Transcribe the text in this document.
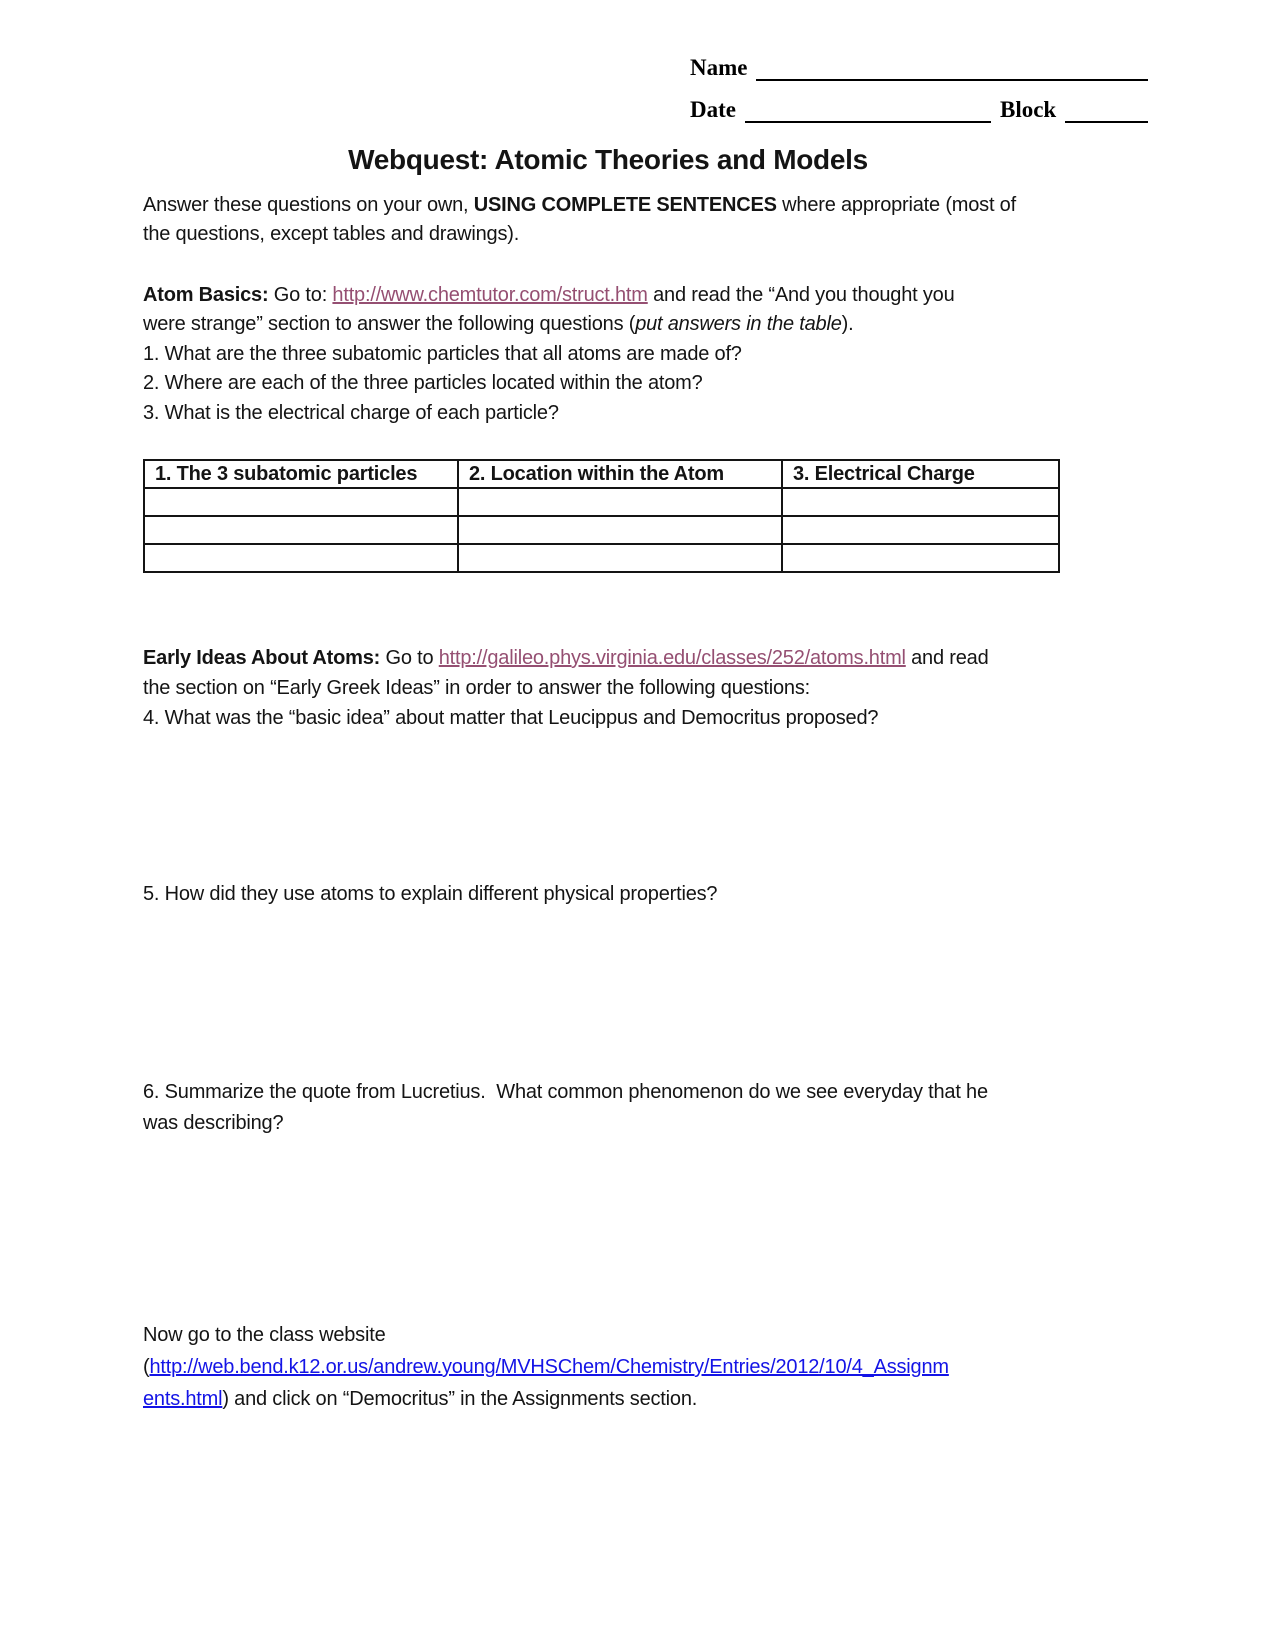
Name
Date	Block
Webquest: Atomic Theories and Models
Answer these questions on your own, USING COMPLETE SENTENCES where appropriate (most of
the questions, except tables and drawings).
Atom Basics: Go to: http://www.chemtutor.com/struct.htm and read the “And you thought you
were strange” section to answer the following questions (put answers in the table).
1. What are the three subatomic particles that all atoms are made of?
2. Where are each of the three particles located within the atom?
3. What is the electrical charge of each particle?
1. The 3 subatomic particles	2. Location within the Atom	3. Electrical Charge

Early Ideas About Atoms: Go to http://galileo.phys.virginia.edu/classes/252/atoms.html and read
the section on “Early Greek Ideas” in order to answer the following questions:
4. What was the “basic idea” about matter that Leucippus and Democritus proposed?
5. How did they use atoms to explain different physical properties?
6. Summarize the quote from Lucretius.  What common phenomenon do we see everyday that he
was describing?
Now go to the class website
(http://web.bend.k12.or.us/andrew.young/MVHSChem/Chemistry/Entries/2012/10/4_Assignm
ents.html) and click on “Democritus” in the Assignments section.
